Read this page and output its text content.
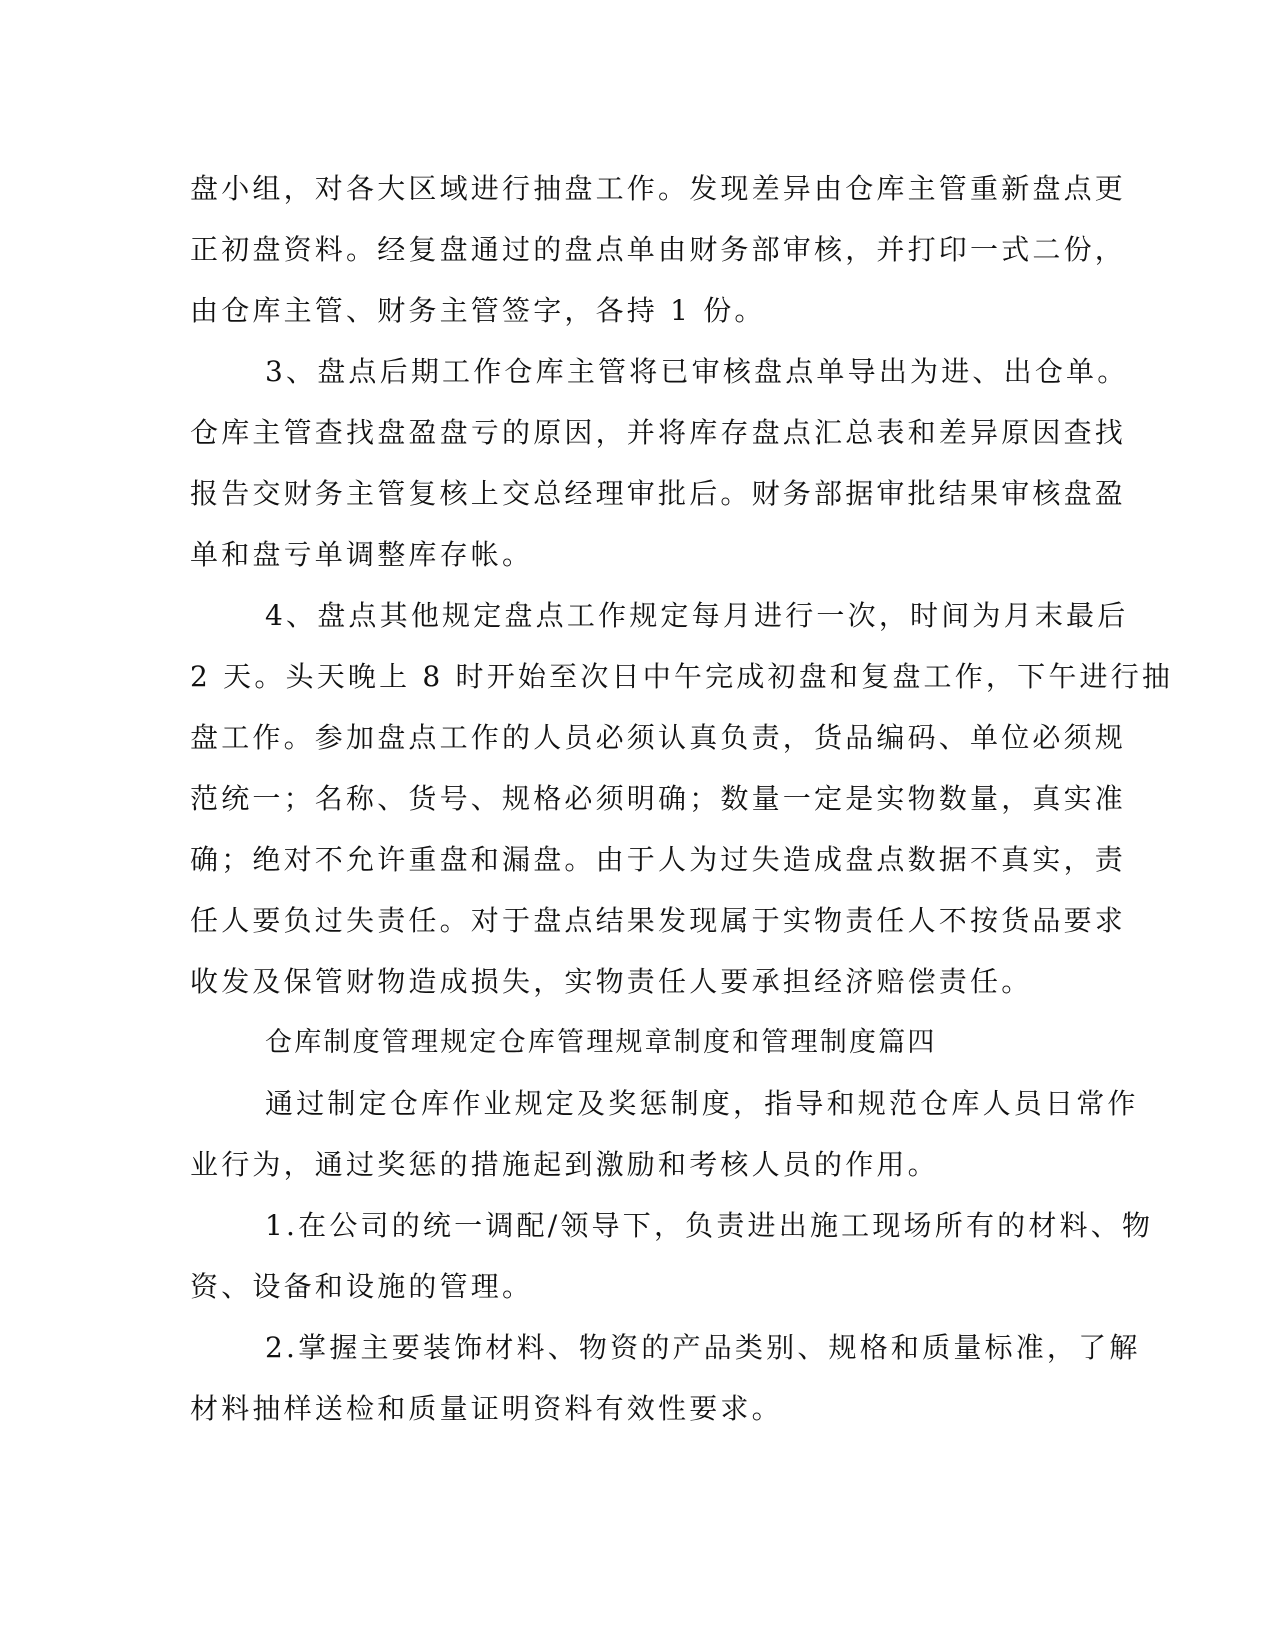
盘小组，对各大区域进行抽盘工作。发现差异由仓库主管重新盘点更
正初盘资料。经复盘通过的盘点单由财务部审核，并打印一式二份，
由仓库主管、财务主管签字，各持 1 份。
3、盘点后期工作仓库主管将已审核盘点单导出为进、出仓单。
仓库主管查找盘盈盘亏的原因，并将库存盘点汇总表和差异原因查找
报告交财务主管复核上交总经理审批后。财务部据审批结果审核盘盈
单和盘亏单调整库存帐。
4、盘点其他规定盘点工作规定每月进行一次，时间为月末最后
2 天。头天晚上 8 时开始至次日中午完成初盘和复盘工作，下午进行抽
盘工作。参加盘点工作的人员必须认真负责，货品编码、单位必须规
范统一；名称、货号、规格必须明确；数量一定是实物数量，真实准
确；绝对不允许重盘和漏盘。由于人为过失造成盘点数据不真实，责
任人要负过失责任。对于盘点结果发现属于实物责任人不按货品要求
收发及保管财物造成损失，实物责任人要承担经济赔偿责任。
仓库制度管理规定仓库管理规章制度和管理制度篇四
通过制定仓库作业规定及奖惩制度，指导和规范仓库人员日常作
业行为，通过奖惩的措施起到激励和考核人员的作用。
1.在公司的统一调配/领导下，负责进出施工现场所有的材料、物
资、设备和设施的管理。
2.掌握主要装饰材料、物资的产品类别、规格和质量标准，了解
材料抽样送检和质量证明资料有效性要求。
